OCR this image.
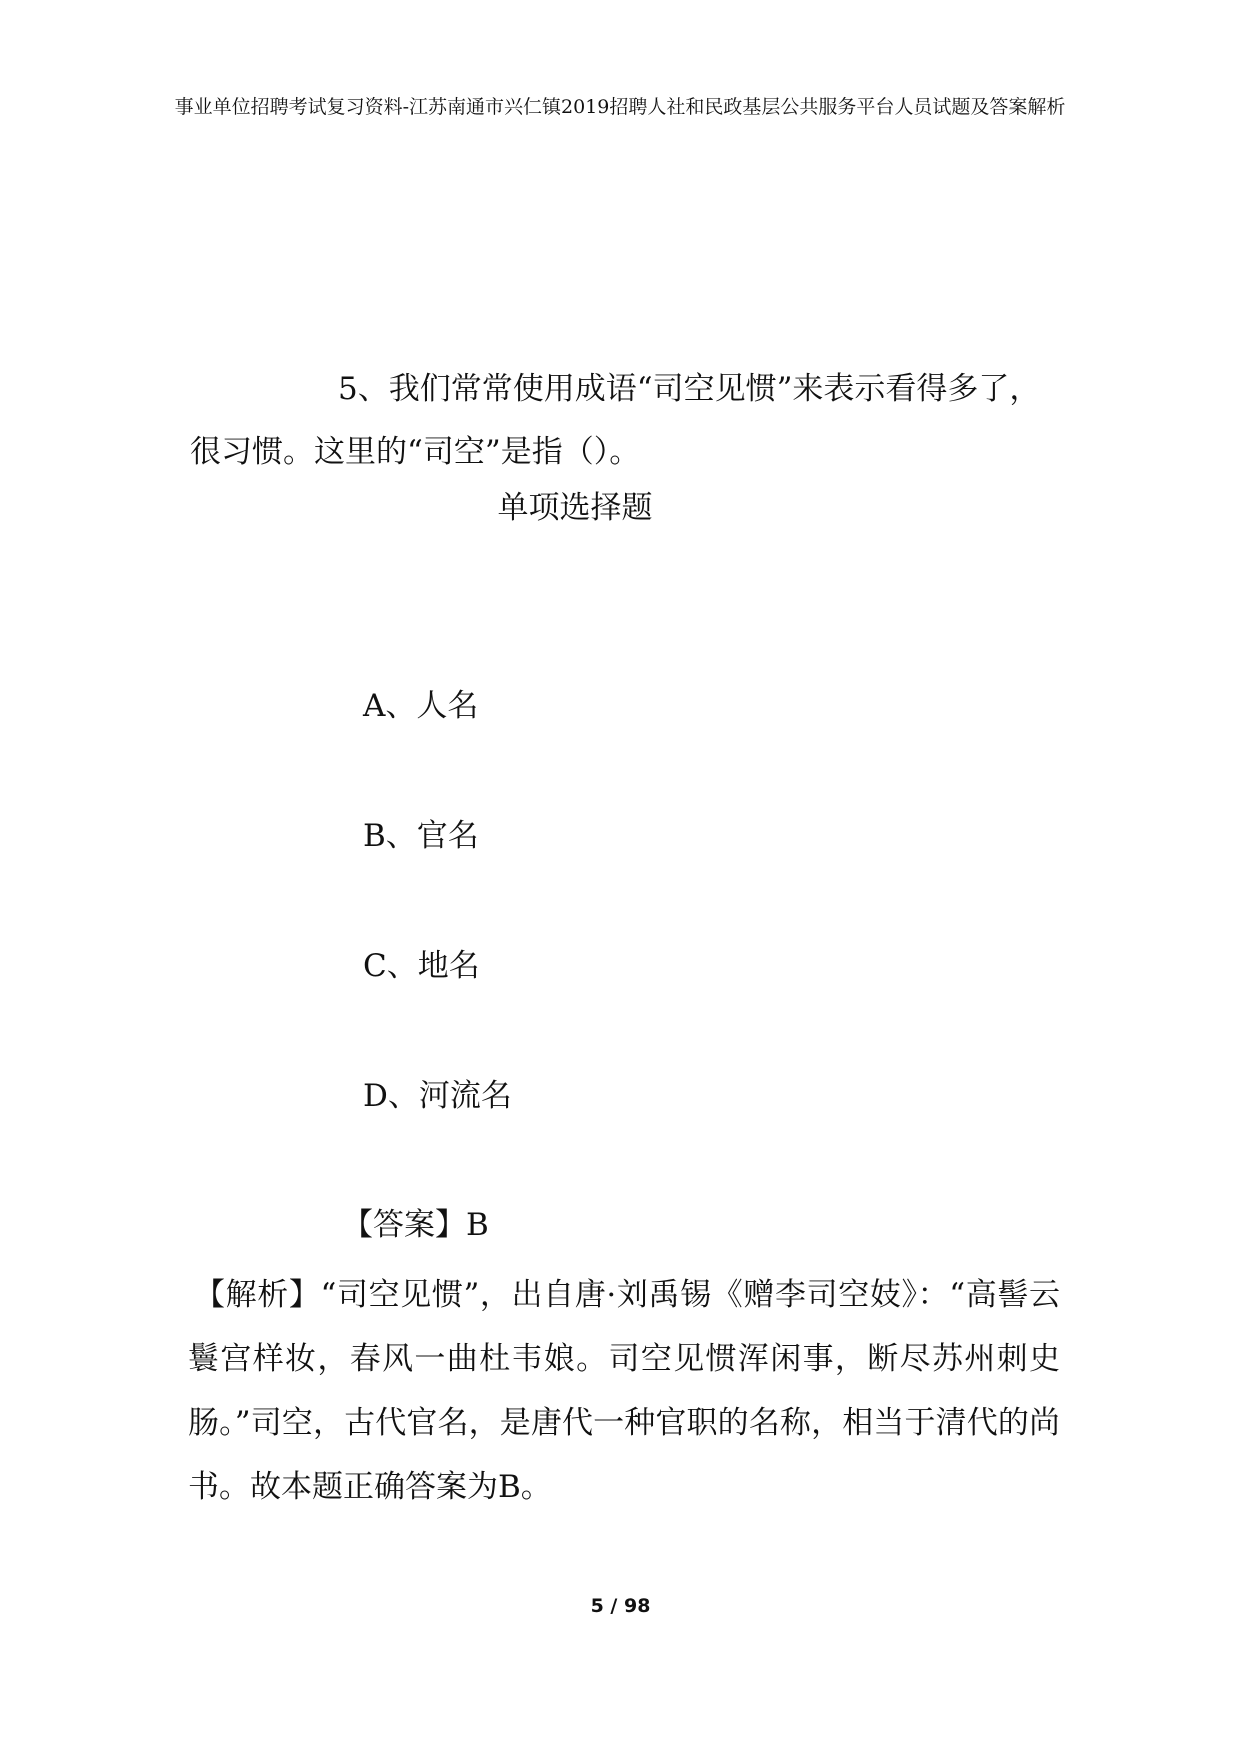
事业单位招聘考试复习资料-江苏南通市兴仁镇2019招聘人社和民政基层公共服务平台人员试题及答案解析
5、我们常常使用成语“司空见惯”来表示看得多了，很习惯。这里的“司空”是指（）。
单项选择题
A、人名
B、官名
C、地名
D、河流名
【答案】B
【解析】“司空见惯”，出自唐·刘禹锡《赠李司空妓》：“高髻云鬟宫样妆，春风一曲杜韦娘。司空见惯浑闲事，断尽苏州刺史肠。”司空，古代官名，是唐代一种官职的名称，相当于清代的尚书。故本题正确答案为B。
5 / 98
